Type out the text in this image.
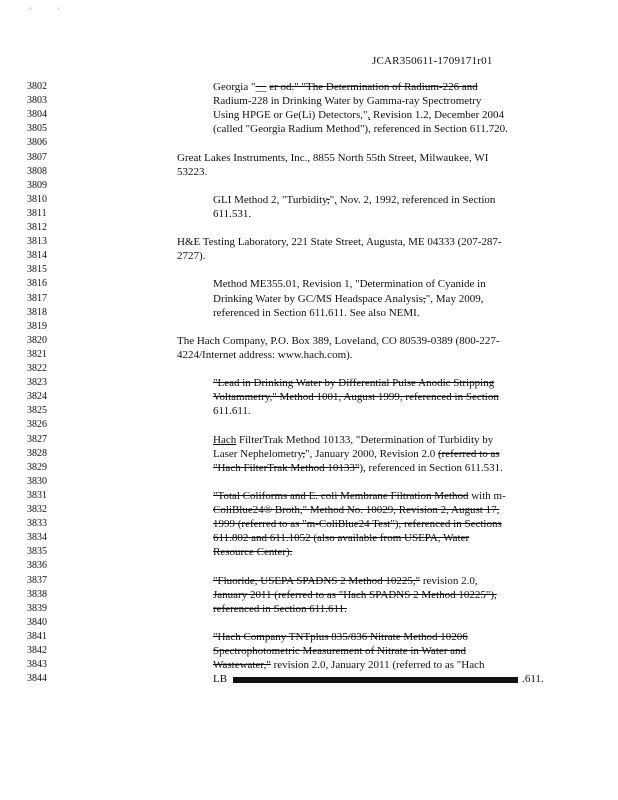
'	'
JCAR350611-1709171r01
3802	Georgia "__ er od." "The Determination of Radium-226 and
3803	Radium-228 in Drinking Water by Gamma-ray Spectrometry
3804	Using HPGE or Ge(Li) Detectors,", Revision 1.2, December 2004
3805	(called "Georgia Radium Method"), referenced in Section 611.720.
3806
3807	Great Lakes Instruments, Inc., 8855 North 55th Street, Milwaukee, WI
3808	53223.
3809
3810	GLI Method 2, "Turbidity,", Nov. 2, 1992, referenced in Section
3811	611.531.
3812
3813	H&E Testing Laboratory, 221 State Street, Augusta, ME 04333 (207-287-
3814	2727).
3815
3816	Method ME355.01, Revision 1, "Determination of Cyanide in
3817	Drinking Water by GC/MS Headspace Analysis,", May 2009,
3818	referenced in Section 611.611. See also NEMI.
3819
3820	The Hach Company, P.O. Box 389, Loveland, CO 80539-0389 (800-227-
3821	4224/Internet address: www.hach.com).
3822
3823	"Lead in Drinking Water by Differential Pulse Anodic Stripping
3824	Voltammetry," Method 1001, August 1999, referenced in Section
3825	611.611.
3826
3827	Hach FilterTrak Method 10133, "Determination of Turbidity by
3828	Laser Nephelometry,", January 2000, Revision 2.0 (referred to as
3829	"Hach FilterTrak Method 10133"), referenced in Section 611.531.
3830
3831	"Total Coliforms and E. coli Membrane Filtration Method with m-
3832	ColiBlue24® Broth," Method No. 10029, Revision 2, August 17,
3833	1999 (referred to as "m-ColiBlue24 Test"), referenced in Sections
3834	611.802 and 611.1052 (also available from USEPA, Water
3835	Resource Center).
3836
3837	"Fluoride, USEPA SPADNS 2 Method 10225," revision 2.0,
3838	January 2011 (referred to as "Hach SPADNS 2 Method 10225"),
3839	referenced in Section 611.611.
3840
3841	"Hach Company TNTplus 835/836 Nitrate Method 10206
3842	Spectrophotometric Measurement of Nitrate in Water and
3843	Wastewater," revision 2.0, January 2011 (referred to as "Hach
3844	LB	.611.
